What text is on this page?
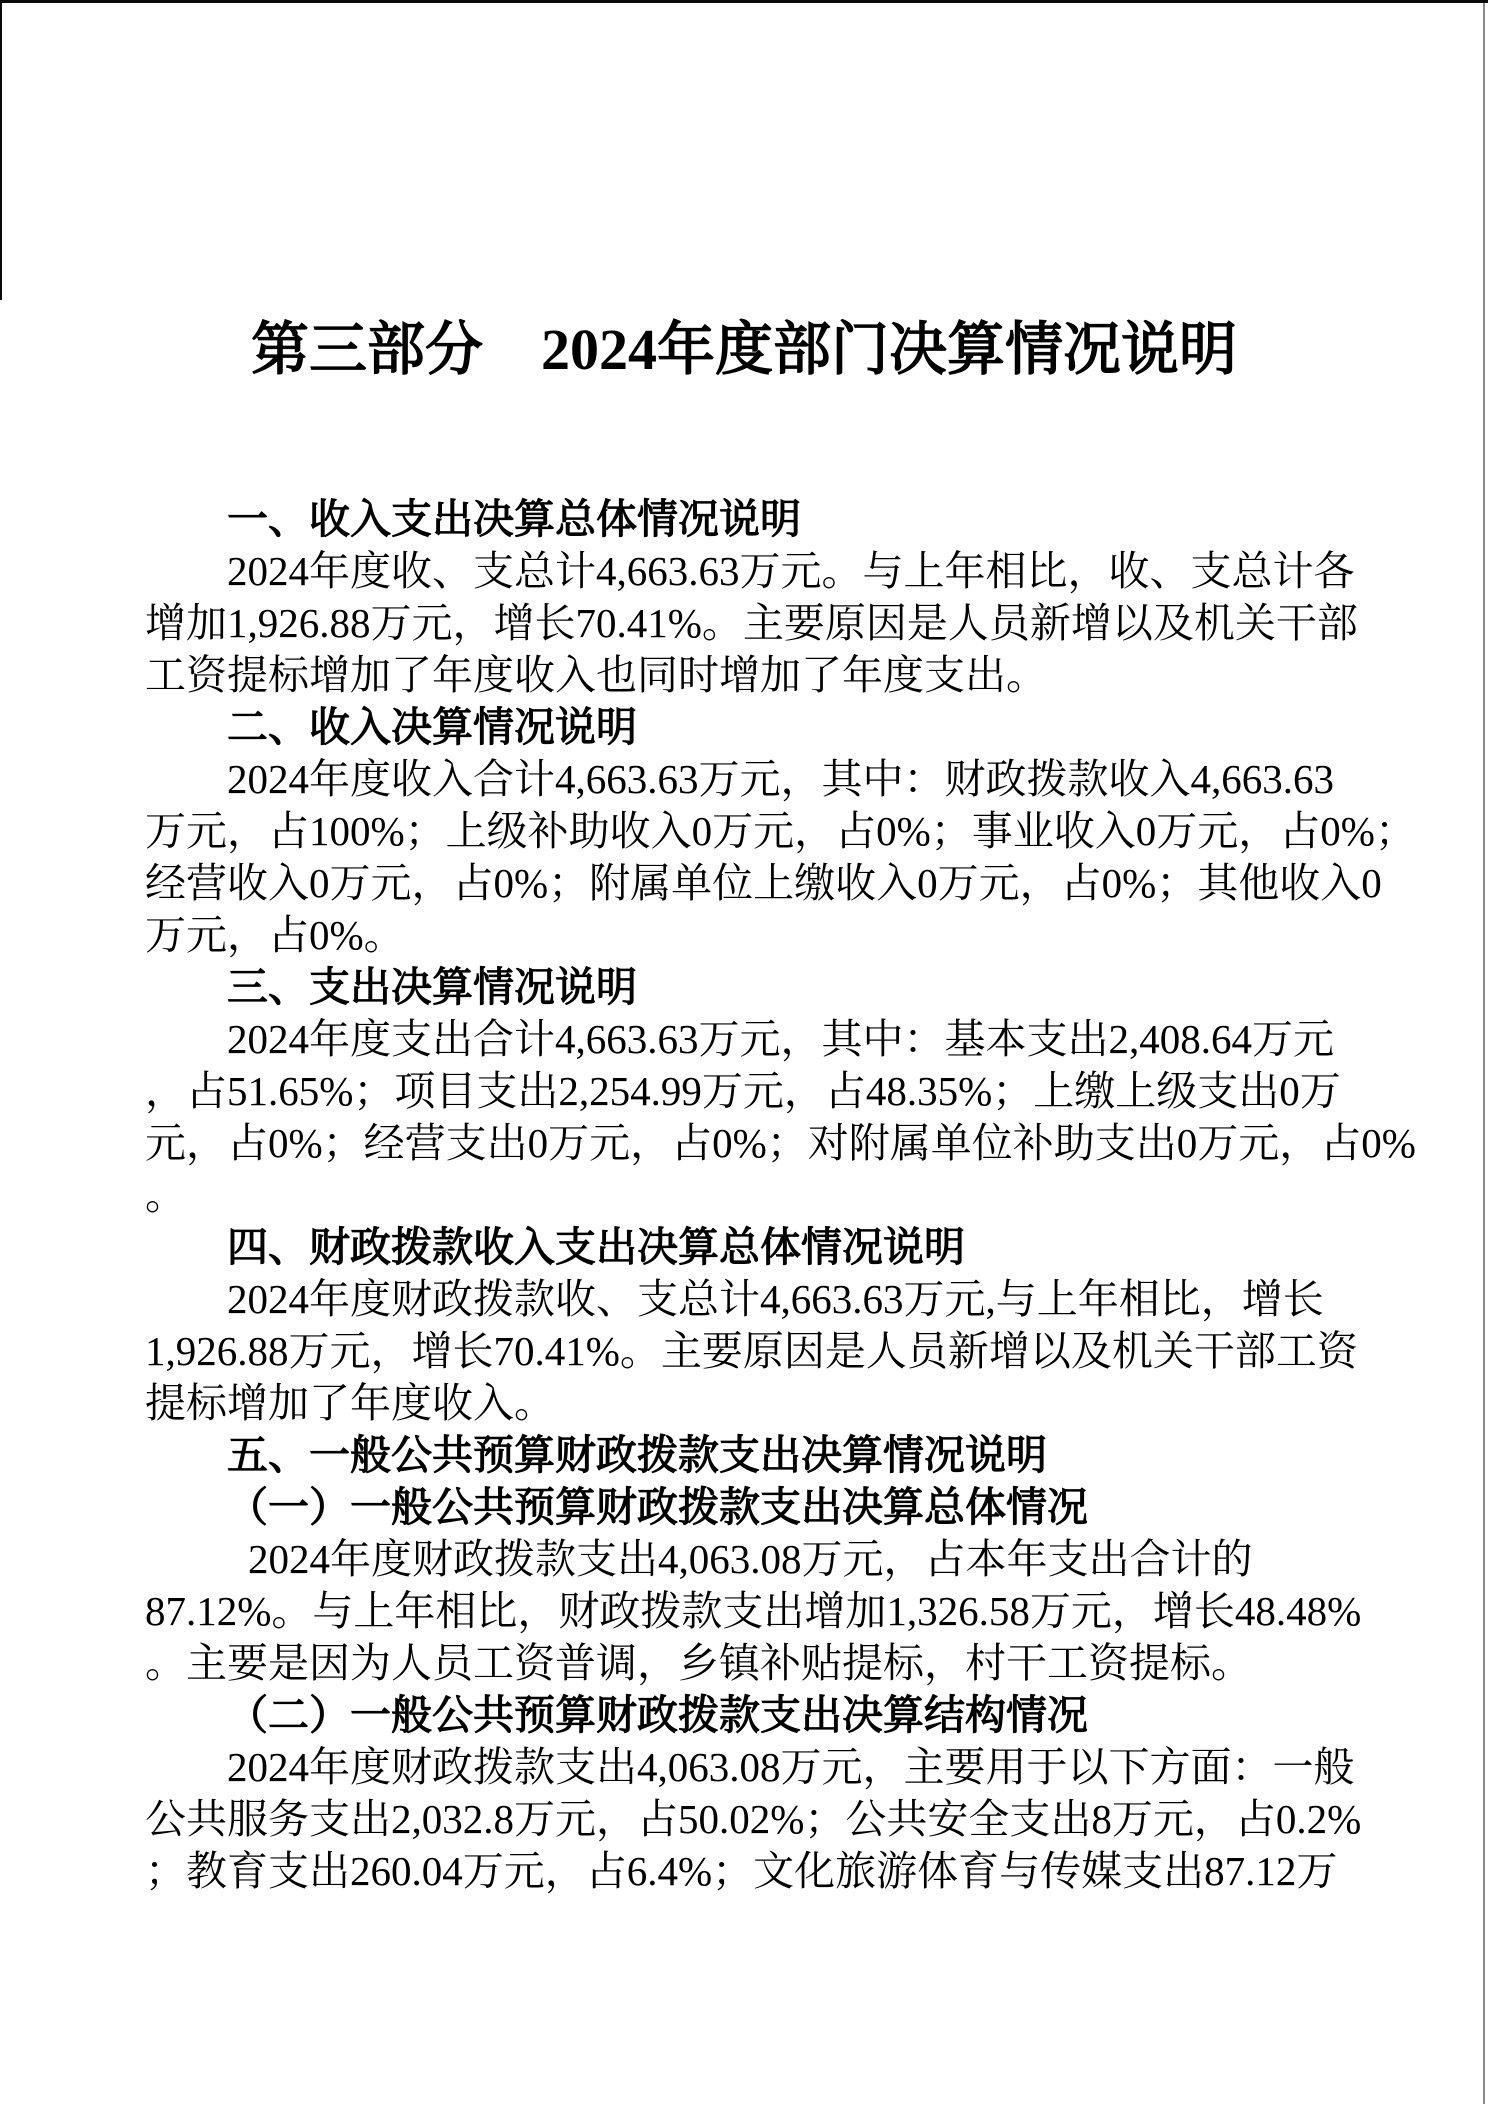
第三部分　2024年度部门决算情况说明
一、收入支出决算总体情况说明
2024年度收、支总计4,663.63万元。与上年相比，收、支总计各
增加1,926.88万元，增长70.41%。主要原因是人员新增以及机关干部
工资提标增加了年度收入也同时增加了年度支出。
二、收入决算情况说明
2024年度收入合计4,663.63万元，其中：财政拨款收入4,663.63
万元，占100%；上级补助收入0万元，占0%；事业收入0万元，占0%；
经营收入0万元，占0%；附属单位上缴收入0万元，占0%；其他收入0
万元，占0%。
三、支出决算情况说明
2024年度支出合计4,663.63万元，其中：基本支出2,408.64万元
，占51.65%；项目支出2,254.99万元，占48.35%；上缴上级支出0万
元，占0%；经营支出0万元，占0%；对附属单位补助支出0万元，占0%
。
四、财政拨款收入支出决算总体情况说明
2024年度财政拨款收、支总计4,663.63万元,与上年相比，增长
1,926.88万元，增长70.41%。主要原因是人员新增以及机关干部工资
提标增加了年度收入。
五、一般公共预算财政拨款支出决算情况说明
（一）一般公共预算财政拨款支出决算总体情况
2024年度财政拨款支出4,063.08万元，占本年支出合计的
87.12%。与上年相比，财政拨款支出增加1,326.58万元，增长48.48%
。主要是因为人员工资普调，乡镇补贴提标，村干工资提标。
（二）一般公共预算财政拨款支出决算结构情况
2024年度财政拨款支出4,063.08万元，主要用于以下方面：一般
公共服务支出2,032.8万元，占50.02%；公共安全支出8万元，占0.2%
；教育支出260.04万元，占6.4%；文化旅游体育与传媒支出87.12万
